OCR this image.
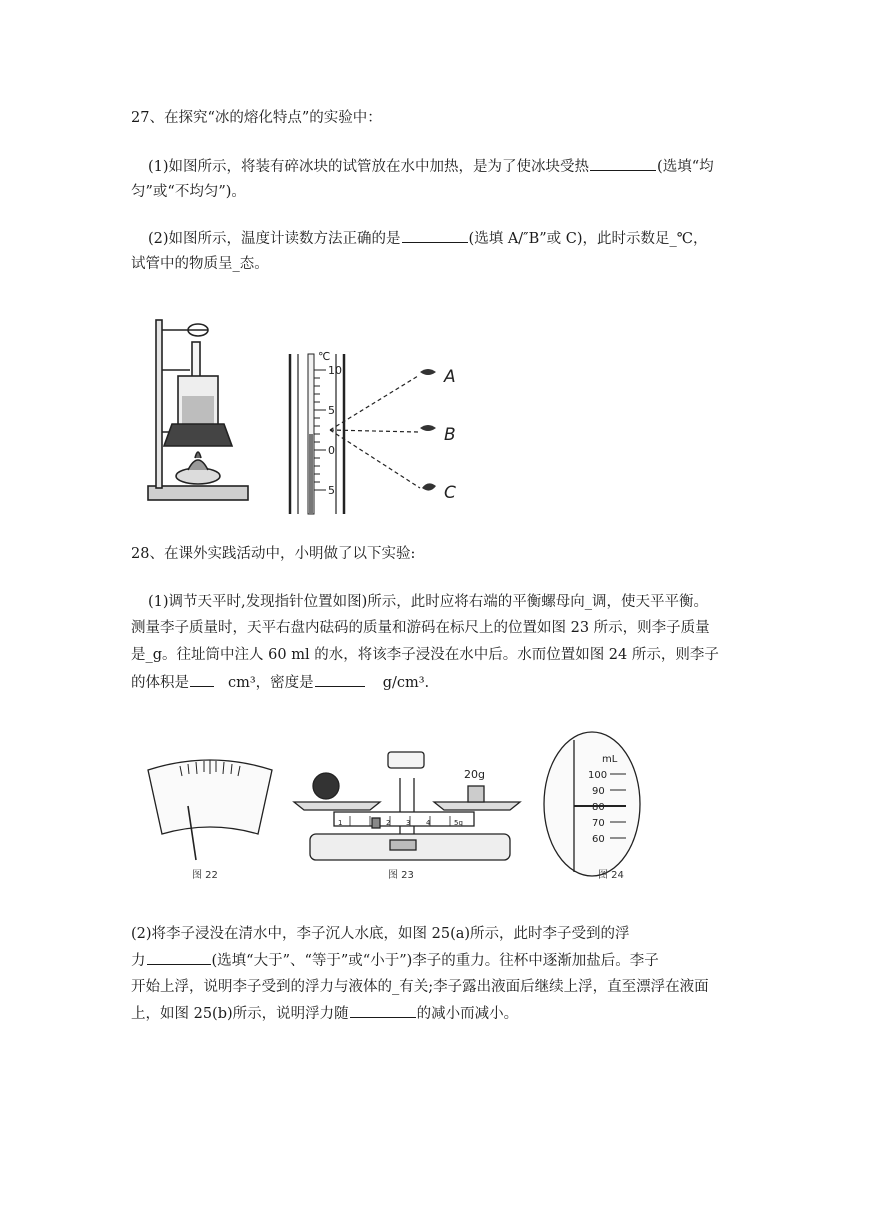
27、在探究“冰的熔化特点”的实验中：
(1)如图所示，将装有碎冰块的试管放在水中加热，是为了使冰块受热	(选填“均
匀”或“不均匀”)。
(2)如图所示，温度计读数方法正确的是	(选填 A/″B”或 C)，此时示数足_℃，
试管中的物质呈_态。
℃
10
5
0
5
A
B
C
28、在课外实践活动中，小明做了以下实验:
(1)调节天平时,发现指针位置如图)所示，此时应将右端的平衡螺母向_调，使天平平衡。
测量李子质量时，天平右盘内砝码的质量和游码在标尺上的位置如图 23 所示，则李子质量
是_g。往址筒中注人 60 ml 的水，将该李子浸没在水中后。水而位置如图 24 所示，则李子
的体积是	cm³，密度是	g/cm³.
图 22
1	2 3 4	5g
20g
图 23
mL
100
90
80
70
60
图 24
(2)将李子浸没在清水中，李子沉人水底，如图 25(a)所示，此时李子受到的浮
力	(选填“大于”、“等于”或“小于”)李子的重力。往杯中逐渐加盐后。李子
开始上浮，说明李子受到的浮力与液体的_有关;李子露出液面后继续上浮，直至漂浮在液面
上，如图 25(b)所示，说明浮力随	的减小而减小。
